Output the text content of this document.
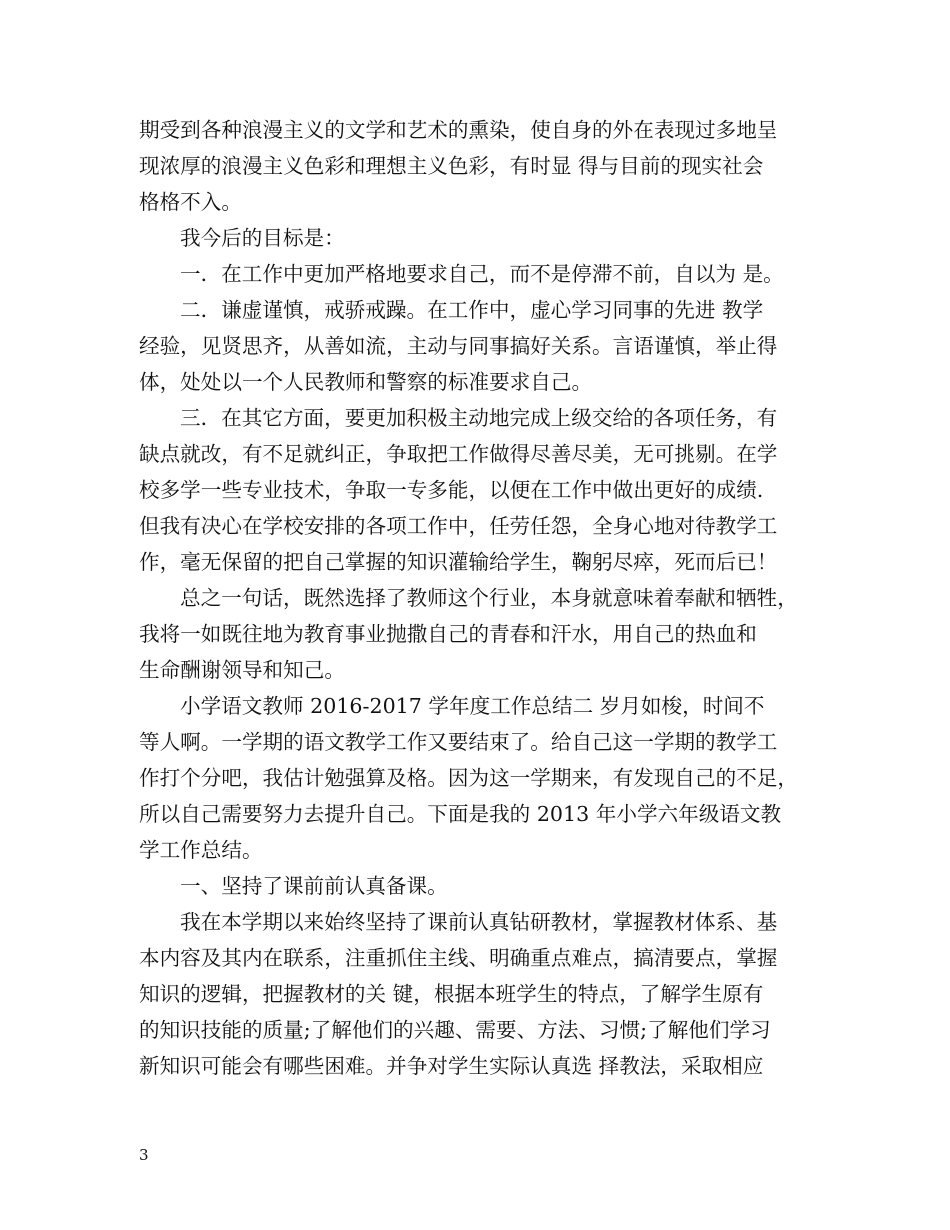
期受到各种浪漫主义的文学和艺术的熏染，使自身的外在表现过多地呈
现浓厚的浪漫主义色彩和理想主义色彩，有时显 得与目前的现实社会
格格不入。
我今后的目标是：
一．在工作中更加严格地要求自己，而不是停滞不前，自以为 是。
二．谦虚谨慎，戒骄戒躁。在工作中，虚心学习同事的先进 教学
经验，见贤思齐，从善如流，主动与同事搞好关系。言语谨慎，举止得
体，处处以一个人民教师和警察的标准要求自己。
三．在其它方面，要更加积极主动地完成上级交给的各项任务，有
缺点就改，有不足就纠正，争取把工作做得尽善尽美，无可挑剔。在学
校多学一些专业技术，争取一专多能，以便在工作中做出更好的成绩.
但我有决心在学校安排的各项工作中，任劳任怨，全身心地对待教学工
作，毫无保留的把自己掌握的知识灌输给学生，鞠躬尽瘁，死而后已！
总之一句话，既然选择了教师这个行业，本身就意味着奉献和牺牲，
我将一如既往地为教育事业抛撒自己的青春和汗水，用自己的热血和
生命酬谢领导和知己。
小学语文教师 2016-2017 学年度工作总结二 岁月如梭，时间不
等人啊。一学期的语文教学工作又要结束了。给自己这一学期的教学工
作打个分吧，我估计勉强算及格。因为这一学期来，有发现自己的不足，
所以自己需要努力去提升自己。下面是我的 2013 年小学六年级语文教
学工作总结。
一、坚持了课前前认真备课。
我在本学期以来始终坚持了课前认真钻研教材，掌握教材体系、基
本内容及其内在联系，注重抓住主线、明确重点难点，搞清要点，掌握
知识的逻辑，把握教材的关 键，根据本班学生的特点，了解学生原有
的知识技能的质量;了解他们的兴趣、需要、方法、习惯;了解他们学习
新知识可能会有哪些困难。并争对学生实际认真选 择教法，采取相应
3
